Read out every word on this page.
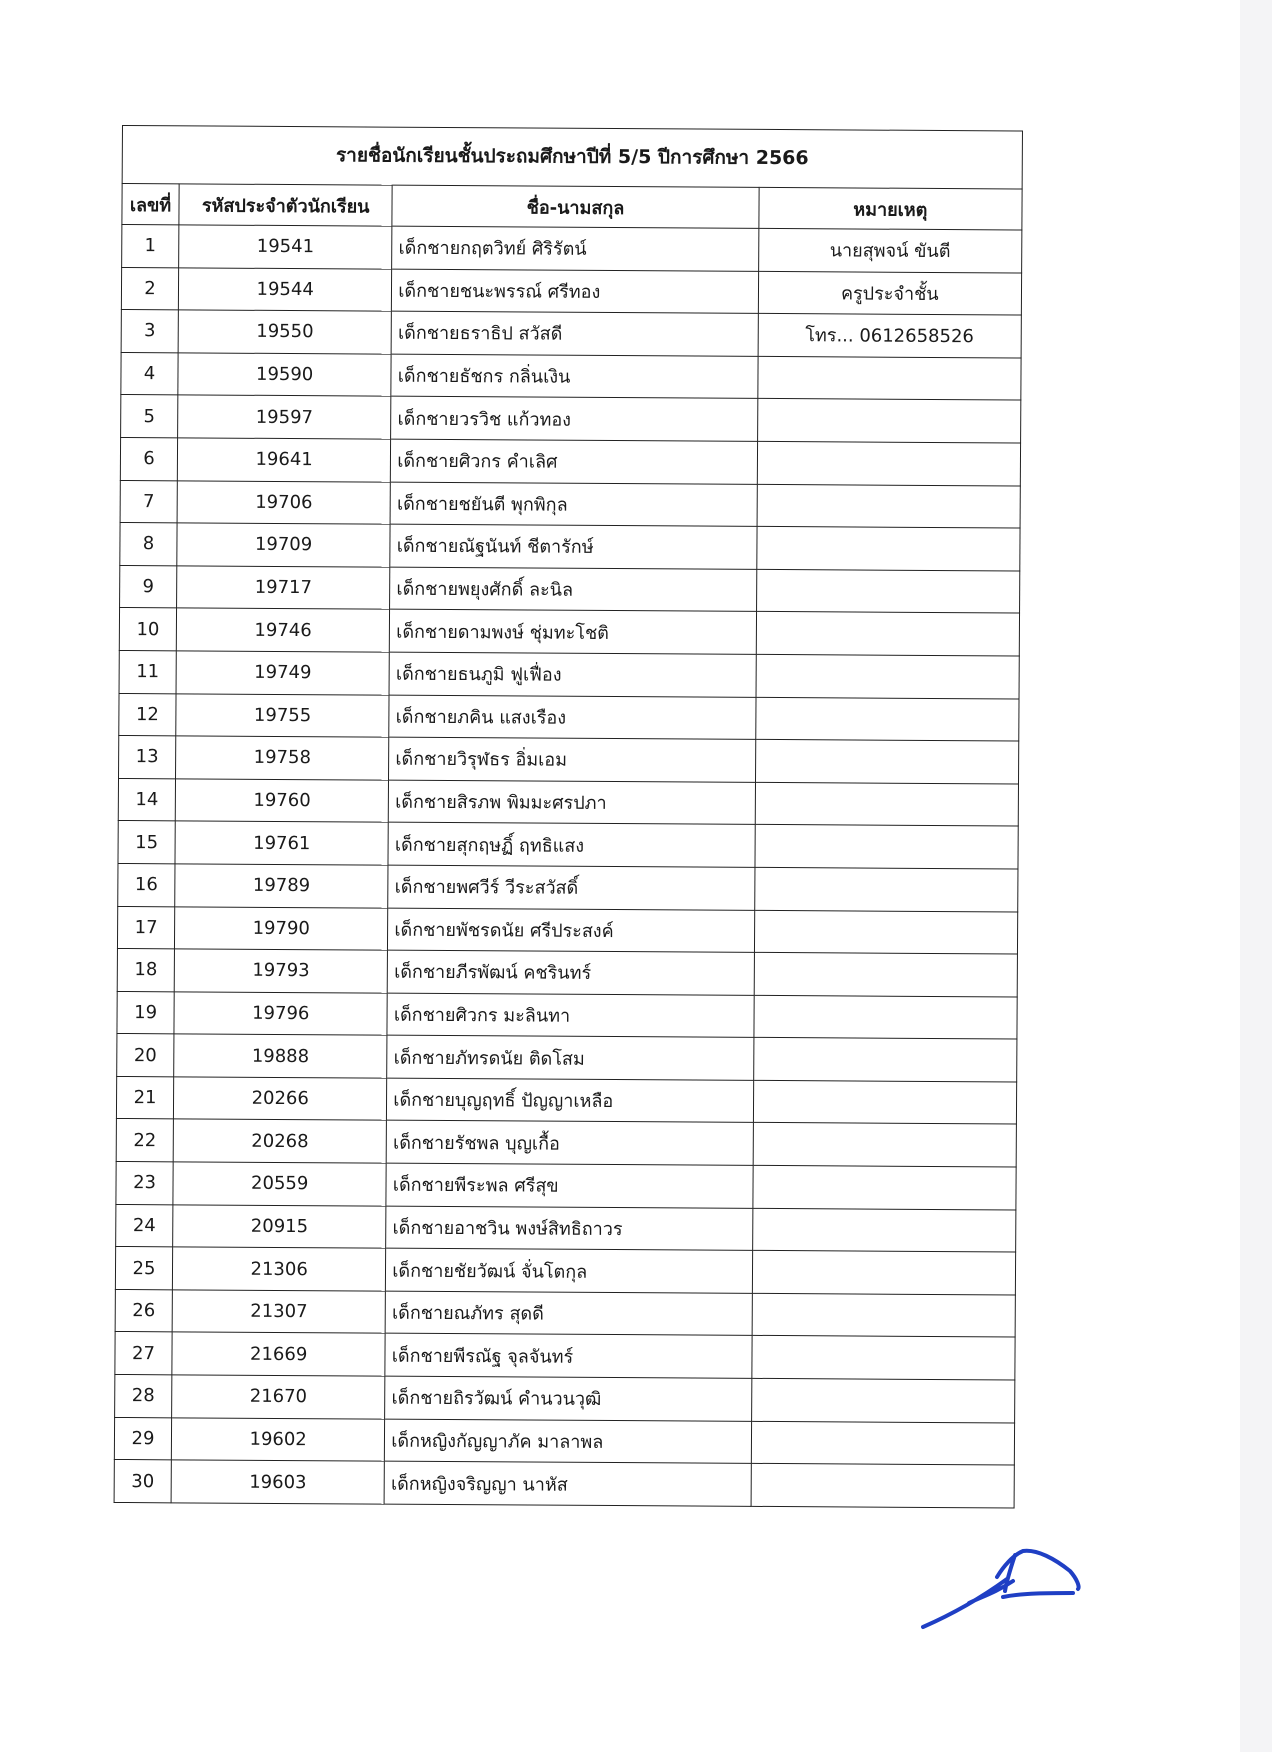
รายชื่อนักเรียนชั้นประถมศึกษาปีที่ 5/5 ปีการศึกษา 2566
เลขที่	รหัสประจำตัวนักเรียน	ชื่อ-นามสกุล	หมายเหตุ
1	19541	เด็กชายกฤตวิทย์ ศิริรัตน์	นายสุพจน์ ขันตี
2	19544	เด็กชายชนะพรรณ์ ศรีทอง	ครูประจำชั้น
3	19550	เด็กชายธราธิป สวัสดี	โทร... 0612658526
4	19590	เด็กชายธัชกร กลิ่นเงิน	
5	19597	เด็กชายวรวิช แก้วทอง	
6	19641	เด็กชายศิวกร คำเลิศ	
7	19706	เด็กชายชยันตี พุกพิกุล	
8	19709	เด็กชายณัฐนันท์ ชีตารักษ์	
9	19717	เด็กชายพยุงศักดิ์ ละนิล	
10	19746	เด็กชายดามพงษ์ ชุ่มทะโชติ	
11	19749	เด็กชายธนภูมิ ฟูเฟื่อง	
12	19755	เด็กชายภคิน แสงเรือง	
13	19758	เด็กชายวิรุฬธร อิ่มเอม	
14	19760	เด็กชายสิรภพ พิมมะศรปภา	
15	19761	เด็กชายสุกฤษฏิ์ ฤทธิแสง	
16	19789	เด็กชายพศวีร์ วีระสวัสดิ์	
17	19790	เด็กชายพัชรดนัย ศรีประสงค์	
18	19793	เด็กชายภีรพัฒน์ คชรินทร์	
19	19796	เด็กชายศิวกร มะลินทา	
20	19888	เด็กชายภัทรดนัย ติดโสม	
21	20266	เด็กชายบุญฤทธิ์ ปัญญาเหลือ	
22	20268	เด็กชายรัชพล บุญเกื้อ	
23	20559	เด็กชายพีระพล ศรีสุข	
24	20915	เด็กชายอาชวิน พงษ์สิทธิถาวร	
25	21306	เด็กชายชัยวัฒน์ จั่นโตกุล	
26	21307	เด็กชายณภัทร สุดดี	
27	21669	เด็กชายพีรณัฐ จุลจันทร์	
28	21670	เด็กชายถิรวัฒน์ คำนวนวุฒิ	
29	19602	เด็กหญิงกัญญาภัค มาลาพล	
30	19603	เด็กหญิงจริญญา นาหัส	
